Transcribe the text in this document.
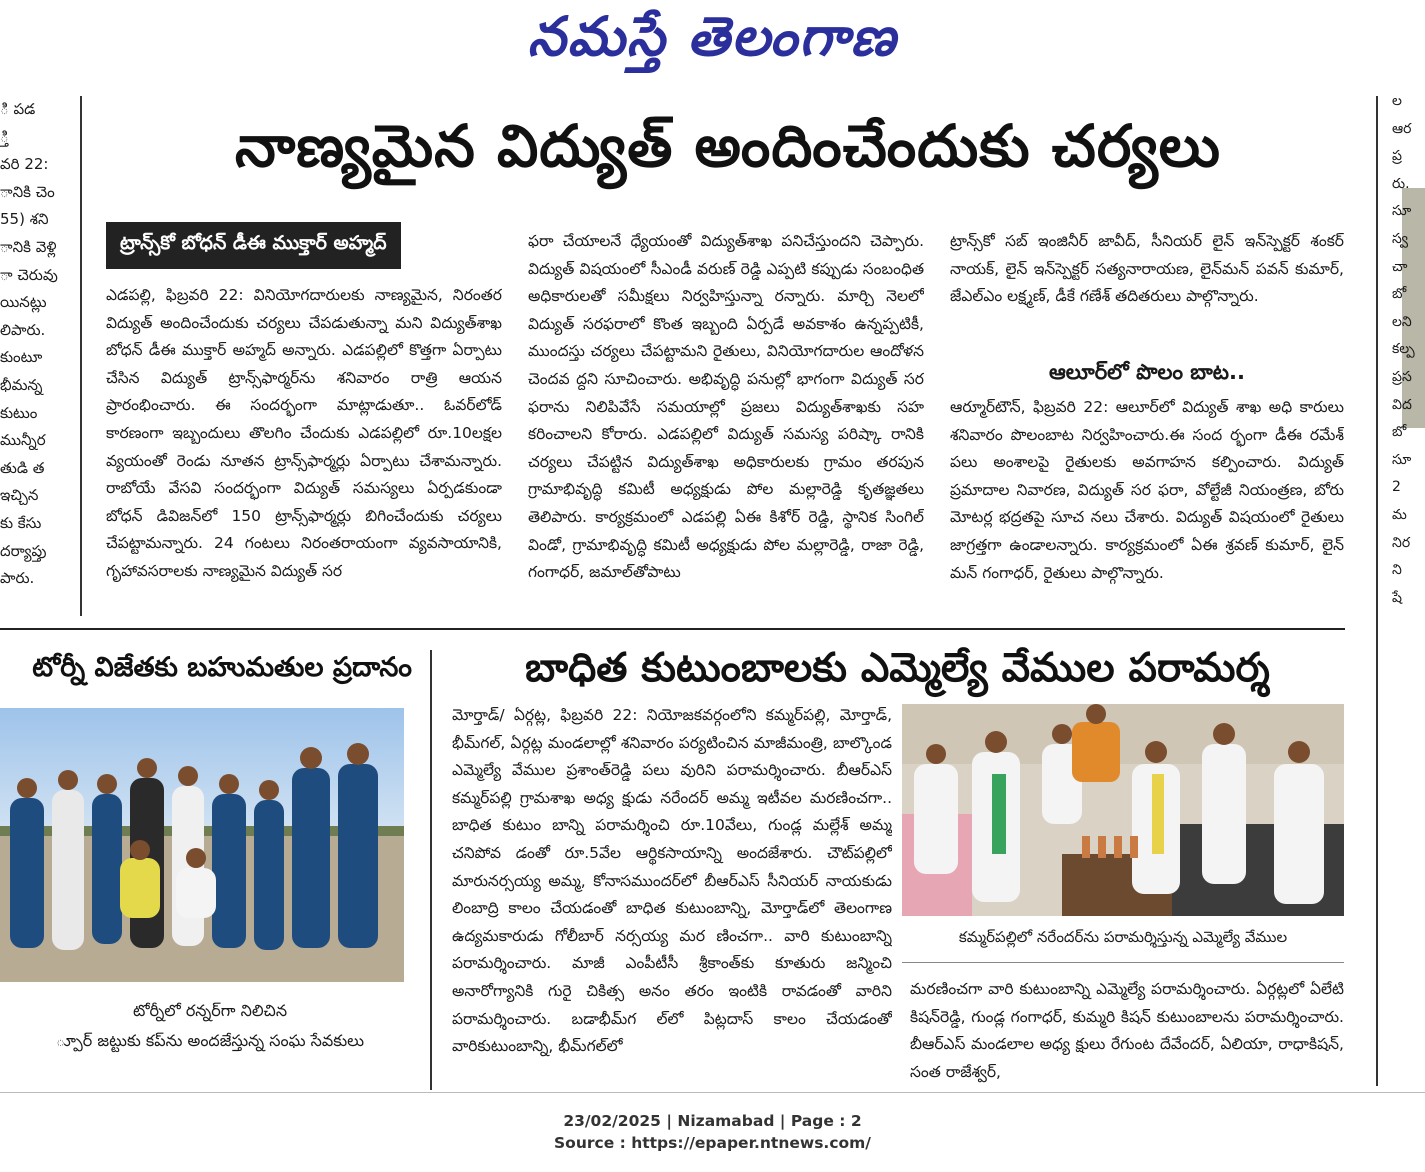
నమస్తే తెలంగాణ
ి పడ
్తి
వరి 22:
ానికి చెం
55) శని
ానికి వెళ్లి
ా చెరువు
యినట్లు
లిపారు.
కుంటూ
భీమన్న
కుటుం
మున్నీర
తుడి త
ఇచ్చిన
కు కేసు
దర్యాప్తు
పారు.
ల
ఆర
ప్ర
రు.
సూ
స్వ
చా
బో
లని
కల్ప
ప్రస
విద
బో
సూ
2
మ
నిర
ని
షే
నాణ్యమైన విద్యుత్ అందించేందుకు చర్యలు
ట్రాన్స్‌కో బోధన్ డీఈ ముక్తార్ అహ్మద్

ఎడపల్లి, ఫిబ్రవరి 22: వినియోగదారులకు నాణ్యమైన, నిరంతర విద్యుత్ అందించేందుకు చర్యలు చేపడుతున్నా మని విద్యుత్‌శాఖ బోధన్ డీఈ ముక్తార్ అహ్మద్ అన్నారు. ఎడపల్లిలో కొత్తగా ఏర్పాటు చేసిన విద్యుత్ ట్రాన్స్‌ఫార్మర్‌ను శనివారం రాత్రి ఆయన ప్రారంభించారు. ఈ సందర్భంగా మాట్లాడుతూ.. ఓవర్‌లోడ్ కారణంగా ఇబ్బందులు తొలగిం చేందుకు ఎడపల్లిలో రూ.10లక్షల వ్యయంతో రెండు నూతన ట్రాన్స్‌ఫార్మర్లు ఏర్పాటు చేశామన్నారు. రాబోయే వేసవి సందర్భంగా విద్యుత్ సమస్యలు ఏర్పడకుండా బోధన్ డివిజన్‌లో 150 ట్రాన్స్‌ఫార్మర్లు బిగించేందుకు చర్యలు చేపట్టామన్నారు. 24 గంటలు నిరంతరాయంగా వ్యవసాయానికి, గృహావసరాలకు నాణ్యమైన విద్యుత్ సర

ఫరా చేయాలనే ధ్యేయంతో విద్యుత్‌శాఖ పనిచేస్తుందని చెప్పారు. విద్యుత్ విషయంలో సీఎండీ వరుణ్ రెడ్డి ఎప్పటి కప్పుడు సంబంధిత అధికారులతో సమీక్షలు నిర్వహిస్తున్నా రన్నారు. మార్చి నెలలో విద్యుత్ సరఫరాలో కొంత ఇబ్బంది ఏర్పడే అవకాశం ఉన్నప్పటికీ, ముందస్తు చర్యలు చేపట్టామని రైతులు, వినియోగదారుల ఆందోళన చెందవ ద్దని సూచించారు. అభివృద్ధి పనుల్లో భాగంగా విద్యుత్ సర ఫరాను నిలిపివేసే సమయాల్లో ప్రజలు విద్యుత్‌శాఖకు సహ కరించాలని కోరారు. ఎడపల్లిలో విద్యుత్ సమస్య పరిష్కా రానికి చర్యలు చేపట్టిన విద్యుత్‌శాఖ అధికారులకు గ్రామం తరపున గ్రామాభివృద్ధి కమిటీ అధ్యక్షుడు పోల మల్లారెడ్డి కృతజ్ఞతలు తెలిపారు. కార్యక్రమంలో ఎడపల్లి ఏఈ కిశోర్ రెడ్డి, స్థానిక సింగిల్ విండో, గ్రామాభివృద్ధి కమిటీ అధ్యక్షుడు పోల మల్లారెడ్డి, రాజా రెడ్డి, గంగాధర్, జమాల్‌తోపాటు

ట్రాన్స్‌కో సబ్ ఇంజినీర్ జావీద్, సీనియర్ లైన్ ఇన్‌స్పెక్టర్ శంకర్ నాయక్, లైన్ ఇన్‌స్పెక్టర్ సత్యనారాయణ, లైన్‌మన్ పవన్ కుమార్, జేఎల్ఎం లక్ష్మణ్, డీకే గణేశ్ తదితరులు పాల్గొన్నారు.

ఆలూర్‌లో పొలం బాట..

ఆర్మూర్‌టౌన్, ఫిబ్రవరి 22: ఆలూర్‌లో విద్యుత్ శాఖ అధి కారులు శనివారం పొలంబాట నిర్వహించారు.ఈ సంద ర్భంగా డీఈ రమేశ్ పలు అంశాలపై రైతులకు అవగాహన కల్పించారు. విద్యుత్ ప్రమాదాల నివారణ, విద్యుత్ సర ఫరా, వోల్టేజీ నియంత్రణ, బోరు మోటర్ల భద్రతపై సూచ నలు చేశారు. విద్యుత్ విషయంలో రైతులు జాగ్రత్తగా ఉండాలన్నారు. కార్యక్రమంలో ఏఈ శ్రవణ్ కుమార్, లైన్ మన్ గంగాధర్, రైతులు పాల్గొన్నారు.

టోర్నీ విజేతకు బహుమతుల ప్రదానం
టోర్నీలో రన్నర్‌గా నిలిచిన
్పూర్ జట్టుకు కప్‌ను అందజేస్తున్న సంఘ సేవకులు
బాధిత కుటుంబాలకు ఎమ్మెల్యే వేముల పరామర్శ

మోర్తాడ్/ ఏర్గట్ల, ఫిబ్రవరి 22: నియోజకవర్గంలోని కమ్మర్‌పల్లి, మోర్తాడ్, భీమ్‌గల్, ఏర్గట్ల మండలాల్లో శనివారం పర్యటించిన మాజీమంత్రి, బాల్కొండ ఎమ్మెల్యే వేముల ప్రశాంత్‌రెడ్డి పలు వురిని పరామర్శించారు. బీఆర్ఎస్ కమ్మర్‌పల్లి గ్రామశాఖ అధ్య క్షుడు నరేందర్ అమ్మ ఇటీవల మరణించగా.. బాధిత కుటుం బాన్ని పరామర్శించి రూ.10వేలు, గుండ్ల మల్లేశ్ అమ్మ చనిపోవ డంతో రూ.5వేల ఆర్థికసాయాన్ని అందజేశారు. చౌట్‌పల్లిలో మారునర్సయ్య అమ్మ, కోనాసముందర్‌లో బీఆర్ఎస్ సీనియర్ నాయకుడు లింబాద్రి కాలం చేయడంతో బాధిత కుటుంబాన్ని, మోర్తాడ్‌లో తెలంగాణ ఉద్యమకారుడు గోలీబార్ నర్సయ్య మర ణించగా.. వారి కుటుంబాన్ని పరామర్శించారు. మాజీ ఎంపీటీసీ శ్రీకాంత్‌కు కూతురు జన్మించి అనారోగ్యానికి గురై చికిత్స అనం తరం ఇంటికి రావడంతో వారిని పరామర్శించారు. బడాభీమ్‌గ ల్‌లో పిట్లదాస్ కాలం చేయడంతో వారికుటుంబాన్ని, భీమ్‌గల్‌లో

కమ్మర్‌పల్లిలో నరేందర్‌ను పరామర్శిస్తున్న ఎమ్మెల్యే వేముల

మరణించగా వారి కుటుంబాన్ని ఎమ్మెల్యే పరామర్శించారు. ఏర్గట్లలో ఏలేటి కిషన్‌రెడ్డి, గుండ్ల గంగాధర్, కుమ్మరి కిషన్ కుటుంబాలను పరామర్శించారు. బీఆర్ఎస్ మండలాల అధ్య క్షులు రేగుంట దేవేందర్, ఏలియా, రాధాకిషన్, సంత రాజేశ్వర్,

23/02/2025 | Nizamabad | Page : 2
Source : https://epaper.ntnews.com/
